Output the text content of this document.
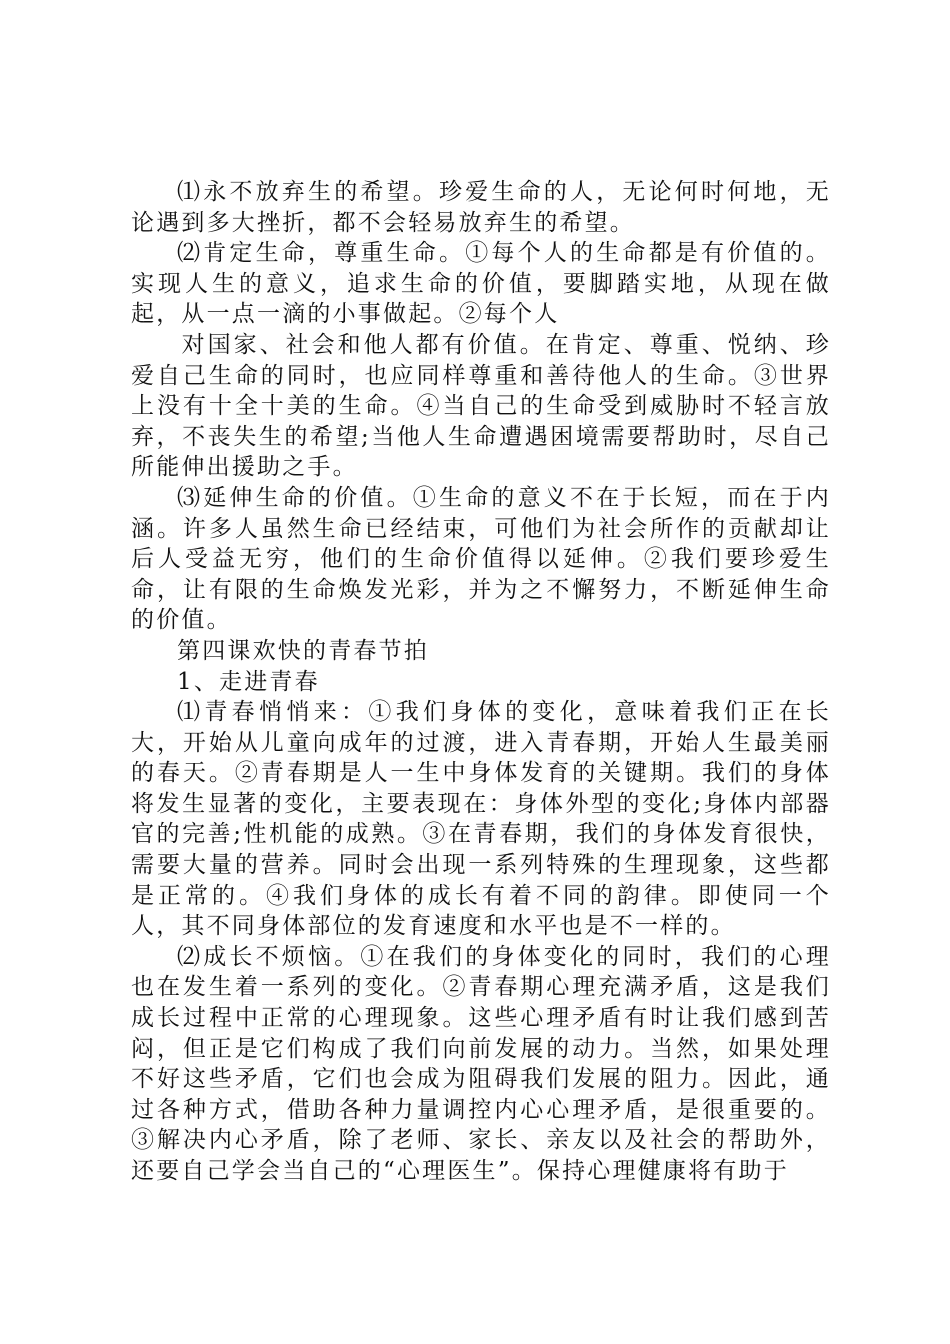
⑴永不放弃生的希望。珍爱生命的人，无论何时何地，无论遇到多大挫折，都不会轻易放弃生的希望。

⑵肯定生命，尊重生命。①每个人的生命都是有价值的。实现人生的意义，追求生命的价值，要脚踏实地，从现在做起，从一点一滴的小事做起。②每个人

对国家、社会和他人都有价值。在肯定、尊重、悦纳、珍爱自己生命的同时，也应同样尊重和善待他人的生命。③世界上没有十全十美的生命。④当自己的生命受到威胁时不轻言放弃，不丧失生的希望;当他人生命遭遇困境需要帮助时，尽自己所能伸出援助之手。

⑶延伸生命的价值。①生命的意义不在于长短，而在于内涵。许多人虽然生命已经结束，可他们为社会所作的贡献却让后人受益无穷，他们的生命价值得以延伸。②我们要珍爱生命，让有限的生命焕发光彩，并为之不懈努力，不断延伸生命的价值。

第四课欢快的青春节拍

1、走进青春

⑴青春悄悄来：①我们身体的变化，意味着我们正在长大，开始从儿童向成年的过渡，进入青春期，开始人生最美丽的春天。②青春期是人一生中身体发育的关键期。我们的身体将发生显著的变化，主要表现在：身体外型的变化;身体内部器官的完善;性机能的成熟。③在青春期，我们的身体发育很快，需要大量的营养。同时会出现一系列特殊的生理现象，这些都是正常的。④我们身体的成长有着不同的韵律。即使同一个人，其不同身体部位的发育速度和水平也是不一样的。

⑵成长不烦恼。①在我们的身体变化的同时，我们的心理也在发生着一系列的变化。②青春期心理充满矛盾，这是我们成长过程中正常的心理现象。这些心理矛盾有时让我们感到苦闷，但正是它们构成了我们向前发展的动力。当然，如果处理不好这些矛盾，它们也会成为阻碍我们发展的阻力。因此，通过各种方式，借助各种力量调控内心心理矛盾，是很重要的。③解决内心矛盾，除了老师、家长、亲友以及社会的帮助外，还要自己学会当自己的“心理医生”。保持心理健康将有助于
